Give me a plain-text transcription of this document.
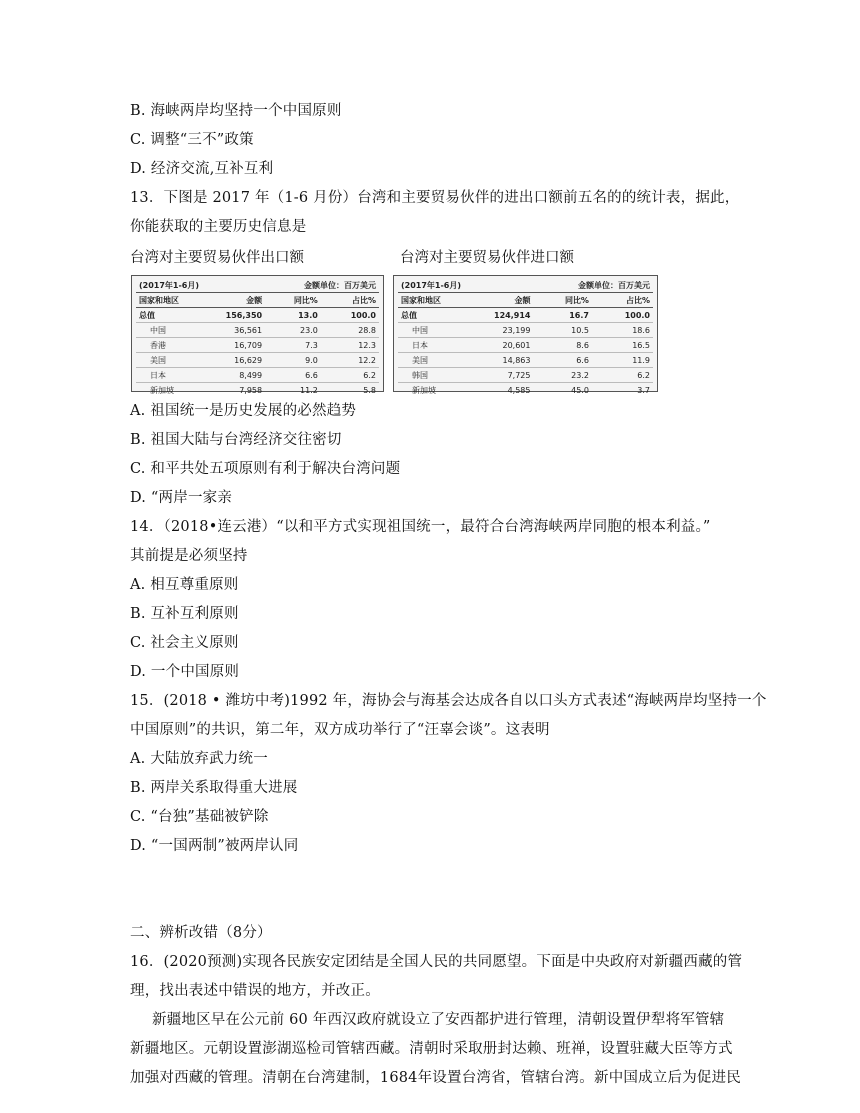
B. 海峡两岸均坚持一个中国原则
C. 调整“三不”政策
D. 经济交流,互补互利
13．下图是 2017 年（1-6 月份）台湾和主要贸易伙伴的进出口额前五名的的统计表，据此，
你能获取的主要历史信息是
台湾对主要贸易伙伴出口额	台湾对主要贸易伙伴进口额
(2017年1-6月)		金额单位：百万美元	
国家和地区	金额	同比%	占比%
总值	156,350	13.0	100.0
中国	36,561	23.0	28.8
香港	16,709	7.3	12.3
美国	16,629	9.0	12.2
日本	8,499	6.6	6.2
新加坡	7,958	11.2	5.8
(2017年1-6月)		金额单位：百万美元	
国家和地区	金额	同比%	占比%
总值	124,914	16.7	100.0
中国	23,199	10.5	18.6
日本	20,601	8.6	16.5
美国	14,863	6.6	11.9
韩国	7,725	23.2	6.2
新加坡	4,585	45.0	3.7
A. 祖国统一是历史发展的必然趋势
B. 祖国大陆与台湾经济交往密切
C. 和平共处五项原则有利于解决台湾问题
D. “两岸一家亲
14．（2018•连云港）“以和平方式实现祖国统一，最符合台湾海峡两岸同胞的根本利益。”
其前提是必须坚持
A. 相互尊重原则
B. 互补互利原则
C. 社会主义原则
D. 一个中国原则
15．(2018 • 潍坊中考)1992 年，海协会与海基会达成各自以口头方式表述“海峡两岸均坚持一个
中国原则”的共识，第二年，双方成功举行了“汪辜会谈”。这表明
A. 大陆放弃武力统一
B. 两岸关系取得重大进展
C. “台独”基础被铲除
D. “一国两制”被两岸认同
二、辨析改错（8分）
16．(2020预测)实现各民族安定团结是全国人民的共同愿望。下面是中央政府对新疆西藏的管
理，找出表述中错误的地方，并改正。
新疆地区早在公元前 60 年西汉政府就设立了安西都护进行管理，清朝设置伊犁将军管辖
新疆地区。元朝设置澎湖巡检司管辖西藏。清朝时采取册封达赖、班禅，设置驻藏大臣等方式
加强对西藏的管理。清朝在台湾建制，1684年设置台湾省，管辖台湾。新中国成立后为促进民
